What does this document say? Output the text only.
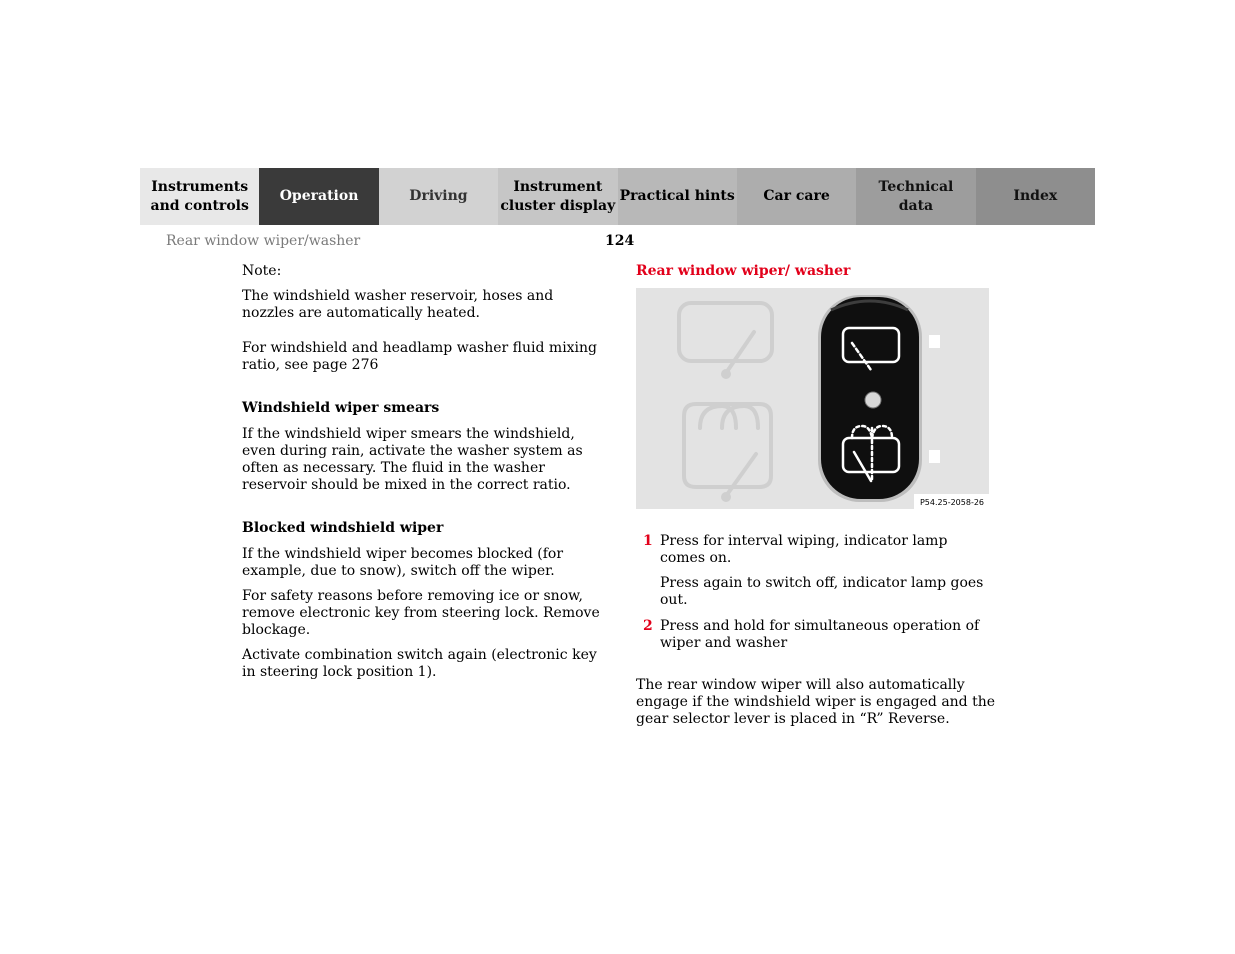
Instruments
and controls
Operation	Driving
Instrument
cluster display
Practical hints	Car care
Technical
data
Index
Rear window wiper/washer	124

Note:

The windshield washer reservoir, hoses and nozzles are automatically heated.

For windshield and headlamp washer fluid mixing ratio, see page 276

Windshield wiper smears

If the windshield wiper smears the windshield, even during rain, activate the washer system as often as necessary. The fluid in the washer reservoir should be mixed in the correct ratio.

Blocked windshield wiper

If the windshield wiper becomes blocked (for example, due to snow), switch off the wiper.

For safety reasons before removing ice or snow, remove electronic key from steering lock. Remove blockage.

Activate combination switch again (electronic key in steering lock position 1).

Rear window wiper/ washer
P54.25-2058-26
1 Press for interval wiping, indicator lamp comes on.

Press again to switch off, indicator lamp goes out.

2 Press and hold for simultaneous operation of wiper and washer

The rear window wiper will also automatically engage if the windshield wiper is engaged and the gear selector lever is placed in “R” Reverse.
